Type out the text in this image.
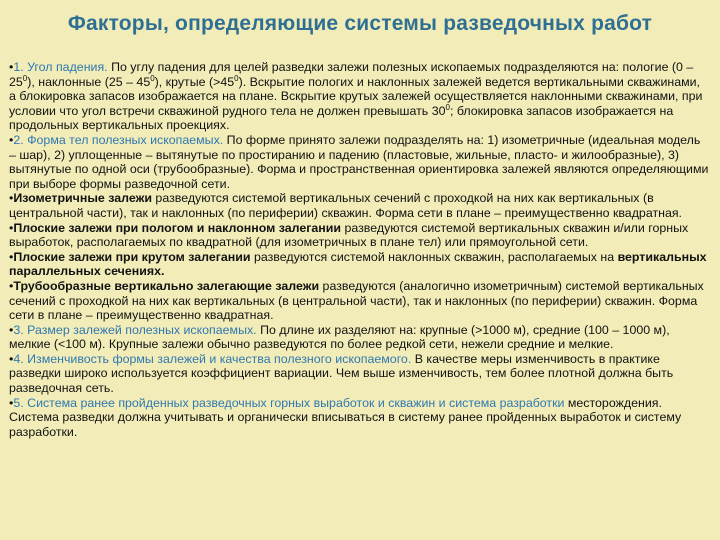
Факторы, определяющие системы разведочных работ

•1. Угол падения. По углу падения для целей разведки залежи полезных ископаемых подразделяются на: пологие $(0 - 25^0)$, наклонные $(25 - 45^0)$, крутые $(>45^0)$. Вскрытие пологих и наклонных залежей ведется вертикальными скважинами, а блокировка запасов изображается на плане. Вскрытие крутых залежей осуществляется наклонными скважинами, при условии что угол встречи скважиной рудного тела не должен превышать $30^0$; блокировка запасов изображается на продольных вертикальных проекциях.

•2. Форма тел полезных ископаемых. По форме принято залежи подразделять на: 1) изометричные (идеальная модель – шар), 2) уплощенные – вытянутые по простиранию и падению (пластовые, жильные, пласто- и жилообразные), 3) вытянутые по одной оси (трубообразные). Форма и пространственная ориентировка залежей являются определяющими при выборе формы разведочной сети.

•Изометричные залежи разведуются системой вертикальных сечений с проходкой на них как вертикальных (в центральной части), так и наклонных (по периферии) скважин. Форма сети в плане – преимущественно квадратная.

•Плоские залежи при пологом и наклонном залегании разведуются системой вертикальных скважин и/или горных выработок, располагаемых по квадратной (для изометричных в плане тел) или прямоугольной сети.

•Плоские залежи при крутом залегании разведуются системой наклонных скважин, располагаемых на вертикальных параллельных сечениях.

•Трубообразные вертикально залегающие залежи разведуются (аналогично изометричным) системой вертикальных сечений с проходкой на них как вертикальных (в центральной части), так и наклонных (по периферии) скважин. Форма сети в плане – преимущественно квадратная.

•3. Размер залежей полезных ископаемых. По длине их разделяют на: крупные (>1000 м), средние (100 – 1000 м), мелкие (<100 м). Крупные залежи обычно разведуются по более редкой сети, нежели средние и мелкие.

•4. Изменчивость формы залежей и качества полезного ископаемого. В качестве меры изменчивость в практике разведки широко используется коэффициент вариации. Чем выше изменчивость, тем более плотной должна быть разведочная сеть.

•5. Система ранее пройденных разведочных горных выработок и скважин и система разработки месторождения. Система разведки должна учитывать и органически вписываться в систему ранее пройденных выработок и систему разработки.
